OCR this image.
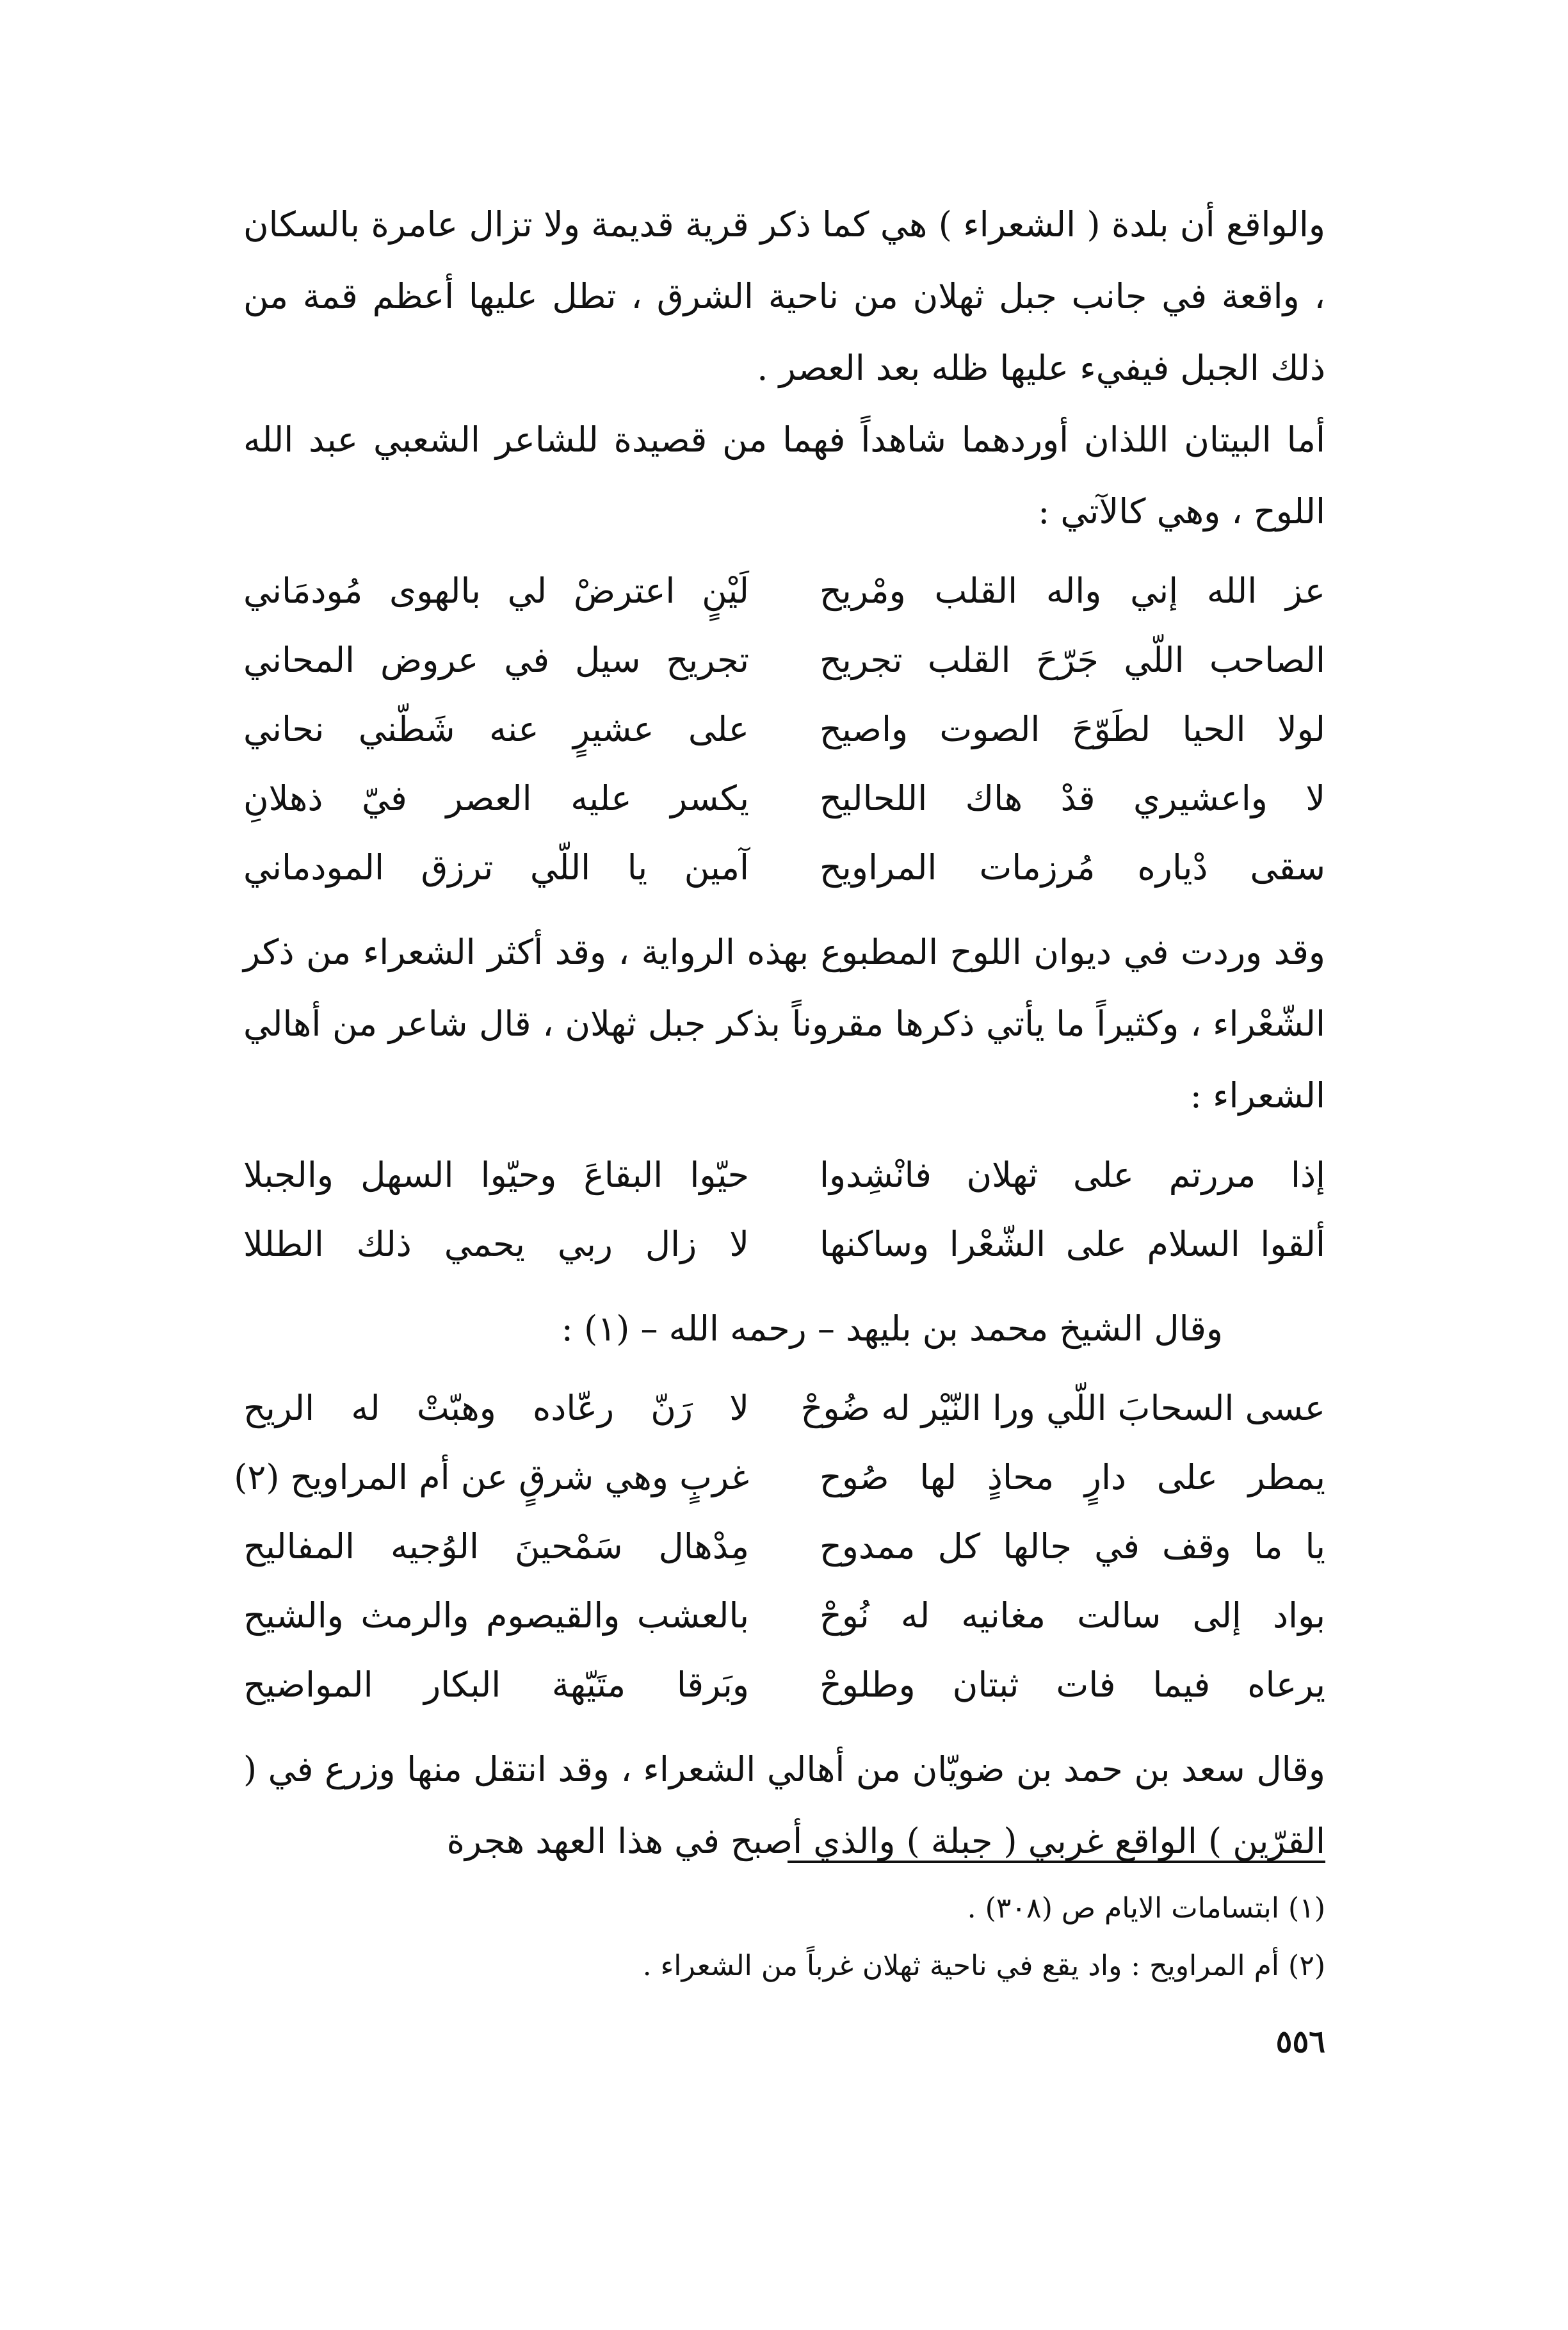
والواقع أن بلدة ( الشعراء ) هي كما ذكر قرية قديمة ولا تزال عامرة بالسكان ، واقعة في جانب جبل ثهلان من ناحية الشرق ، تطل عليها أعظم قمة من ذلك الجبل فيفيء عليها ظله بعد العصر .

أما البيتان اللذان أوردهما شاهداً فهما من قصيدة للشاعر الشعبي عبد الله اللوح ، وهي كالآتي :

عز الله إني واله القلب ومْريح
لَيْنٍ اعترضْ لي بالهوى مُودمَاني
الصاحب اللّي جَرّحَ القلب تجريح
تجريح سيل في عروض المحاني
لولا الحيا لطَوّحَ الصوت واصيح
على عشيرٍ عنه شَطّني نحاني
لا واعشيري قدْ هاك اللحاليح
يكسر عليه العصر فيّ ذهلانِ
سقى دْياره مُرزمات المراويح
آمين يا اللّي ترزق المودماني

وقد وردت في ديوان اللوح المطبوع بهذه الرواية ، وقد أكثر الشعراء من ذكر الشّعْراء ، وكثيراً ما يأتي ذكرها مقروناً بذكر جبل ثهلان ، قال شاعر من أهالي الشعراء :

إذا مررتم على ثهلان فانْشِدوا
حيّوا البقاعَ وحيّوا السهل والجبلا
ألقوا السلام على الشّعْرا وساكنها
لا زال ربي يحمي ذلك الطللا

وقال الشيخ محمد بن بليهد – رحمه الله – (١) :

عسى السحابَ اللّي ورا النّيْر له ضُوحْ
لا رَنّ رعّاده وهبّتْ له الريح
يمطر على دارٍ محاذٍ لها صُوح
غربٍ وهي شرقٍ عن أم المراويح (٢)
يا ما وقف في جالها كل ممدوح
مِدْهال سَمْحينَ الوُجيه المفاليح
بواد إلى سالت مغانيه له نُوحْ
بالعشب والقيصوم والرمث والشيح
يرعاه فيما فات ثبتان وطلوحْ
وبَرقا متَيّهة البكار المواضيح

وقال سعد بن حمد بن ضويّان من أهالي الشعراء ، وقد انتقل منها وزرع في ( القرّين ) الواقع غربي ( جبلة ) والذي أصبح في هذا العهد هجرة

(١) ابتسامات الايام ص (٣٠٨) .

(٢) أم المراويح : واد يقع في ناحية ثهلان غرباً من الشعراء .

٥٥٦
